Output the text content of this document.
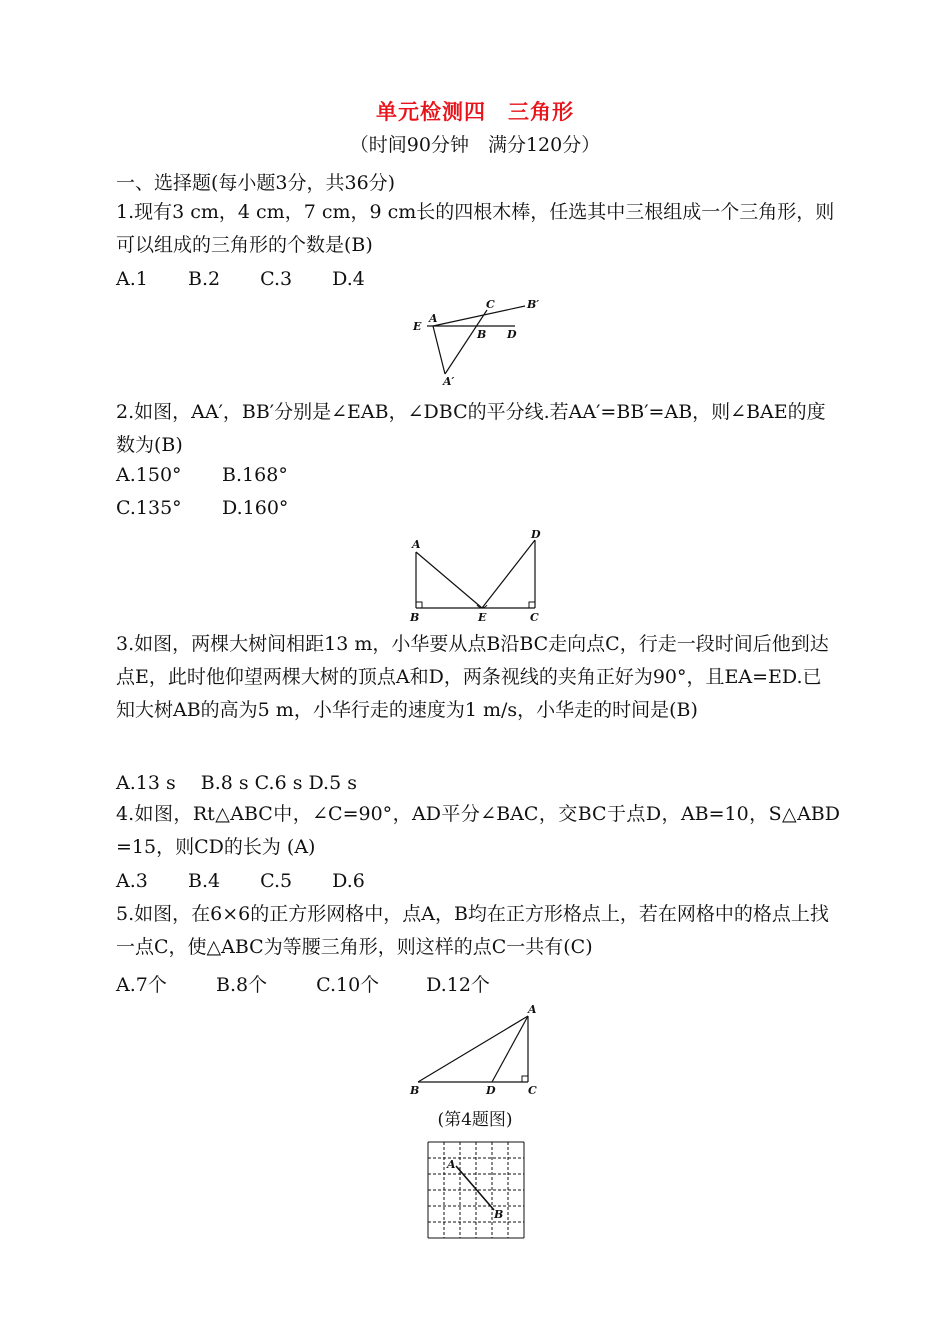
单元检测四　三角形
（时间90分钟　满分120分）
一、选择题(每小题3分，共36分)
1.现有3 cm，4 cm，7 cm，9 cm长的四根木棒，任选其中三根组成一个三角形，则可以组成的三角形的个数是(B)
A.1 B.2 C.3 D.4
C	B′
E
A
B D
A′
2.如图，AA′，BB′分别是∠EAB，∠DBC的平分线.若AA′=BB′=AB，则∠BAE的度数为(B)
A.150° B.168°
C.135° D.160°
A
D
B	E	C
3.如图，两棵大树间相距13 m，小华要从点B沿BC走向点C，行走一段时间后他到达点E，此时他仰望两棵大树的顶点A和D，两条视线的夹角正好为90°，且EA=ED.已知大树AB的高为5 m，小华行走的速度为1 m/s，小华走的时间是(B)
A.13 s　 B.8 s C.6 s D.5 s
4.如图，Rt△ABC中，∠C=90°，AD平分∠BAC，交BC于点D，AB=10，S△ABD =15，则CD的长为 (A)
A.3 B.4 C.5 D.6
5.如图，在6×6的正方形网格中，点A，B均在正方形格点上，若在网格中的格点上找一点C，使△ABC为等腰三角形，则这样的点C一共有(C)
A.7个	B.8个	C.10个 D.12个
A
B	D	C
(第4题图)
A
B
